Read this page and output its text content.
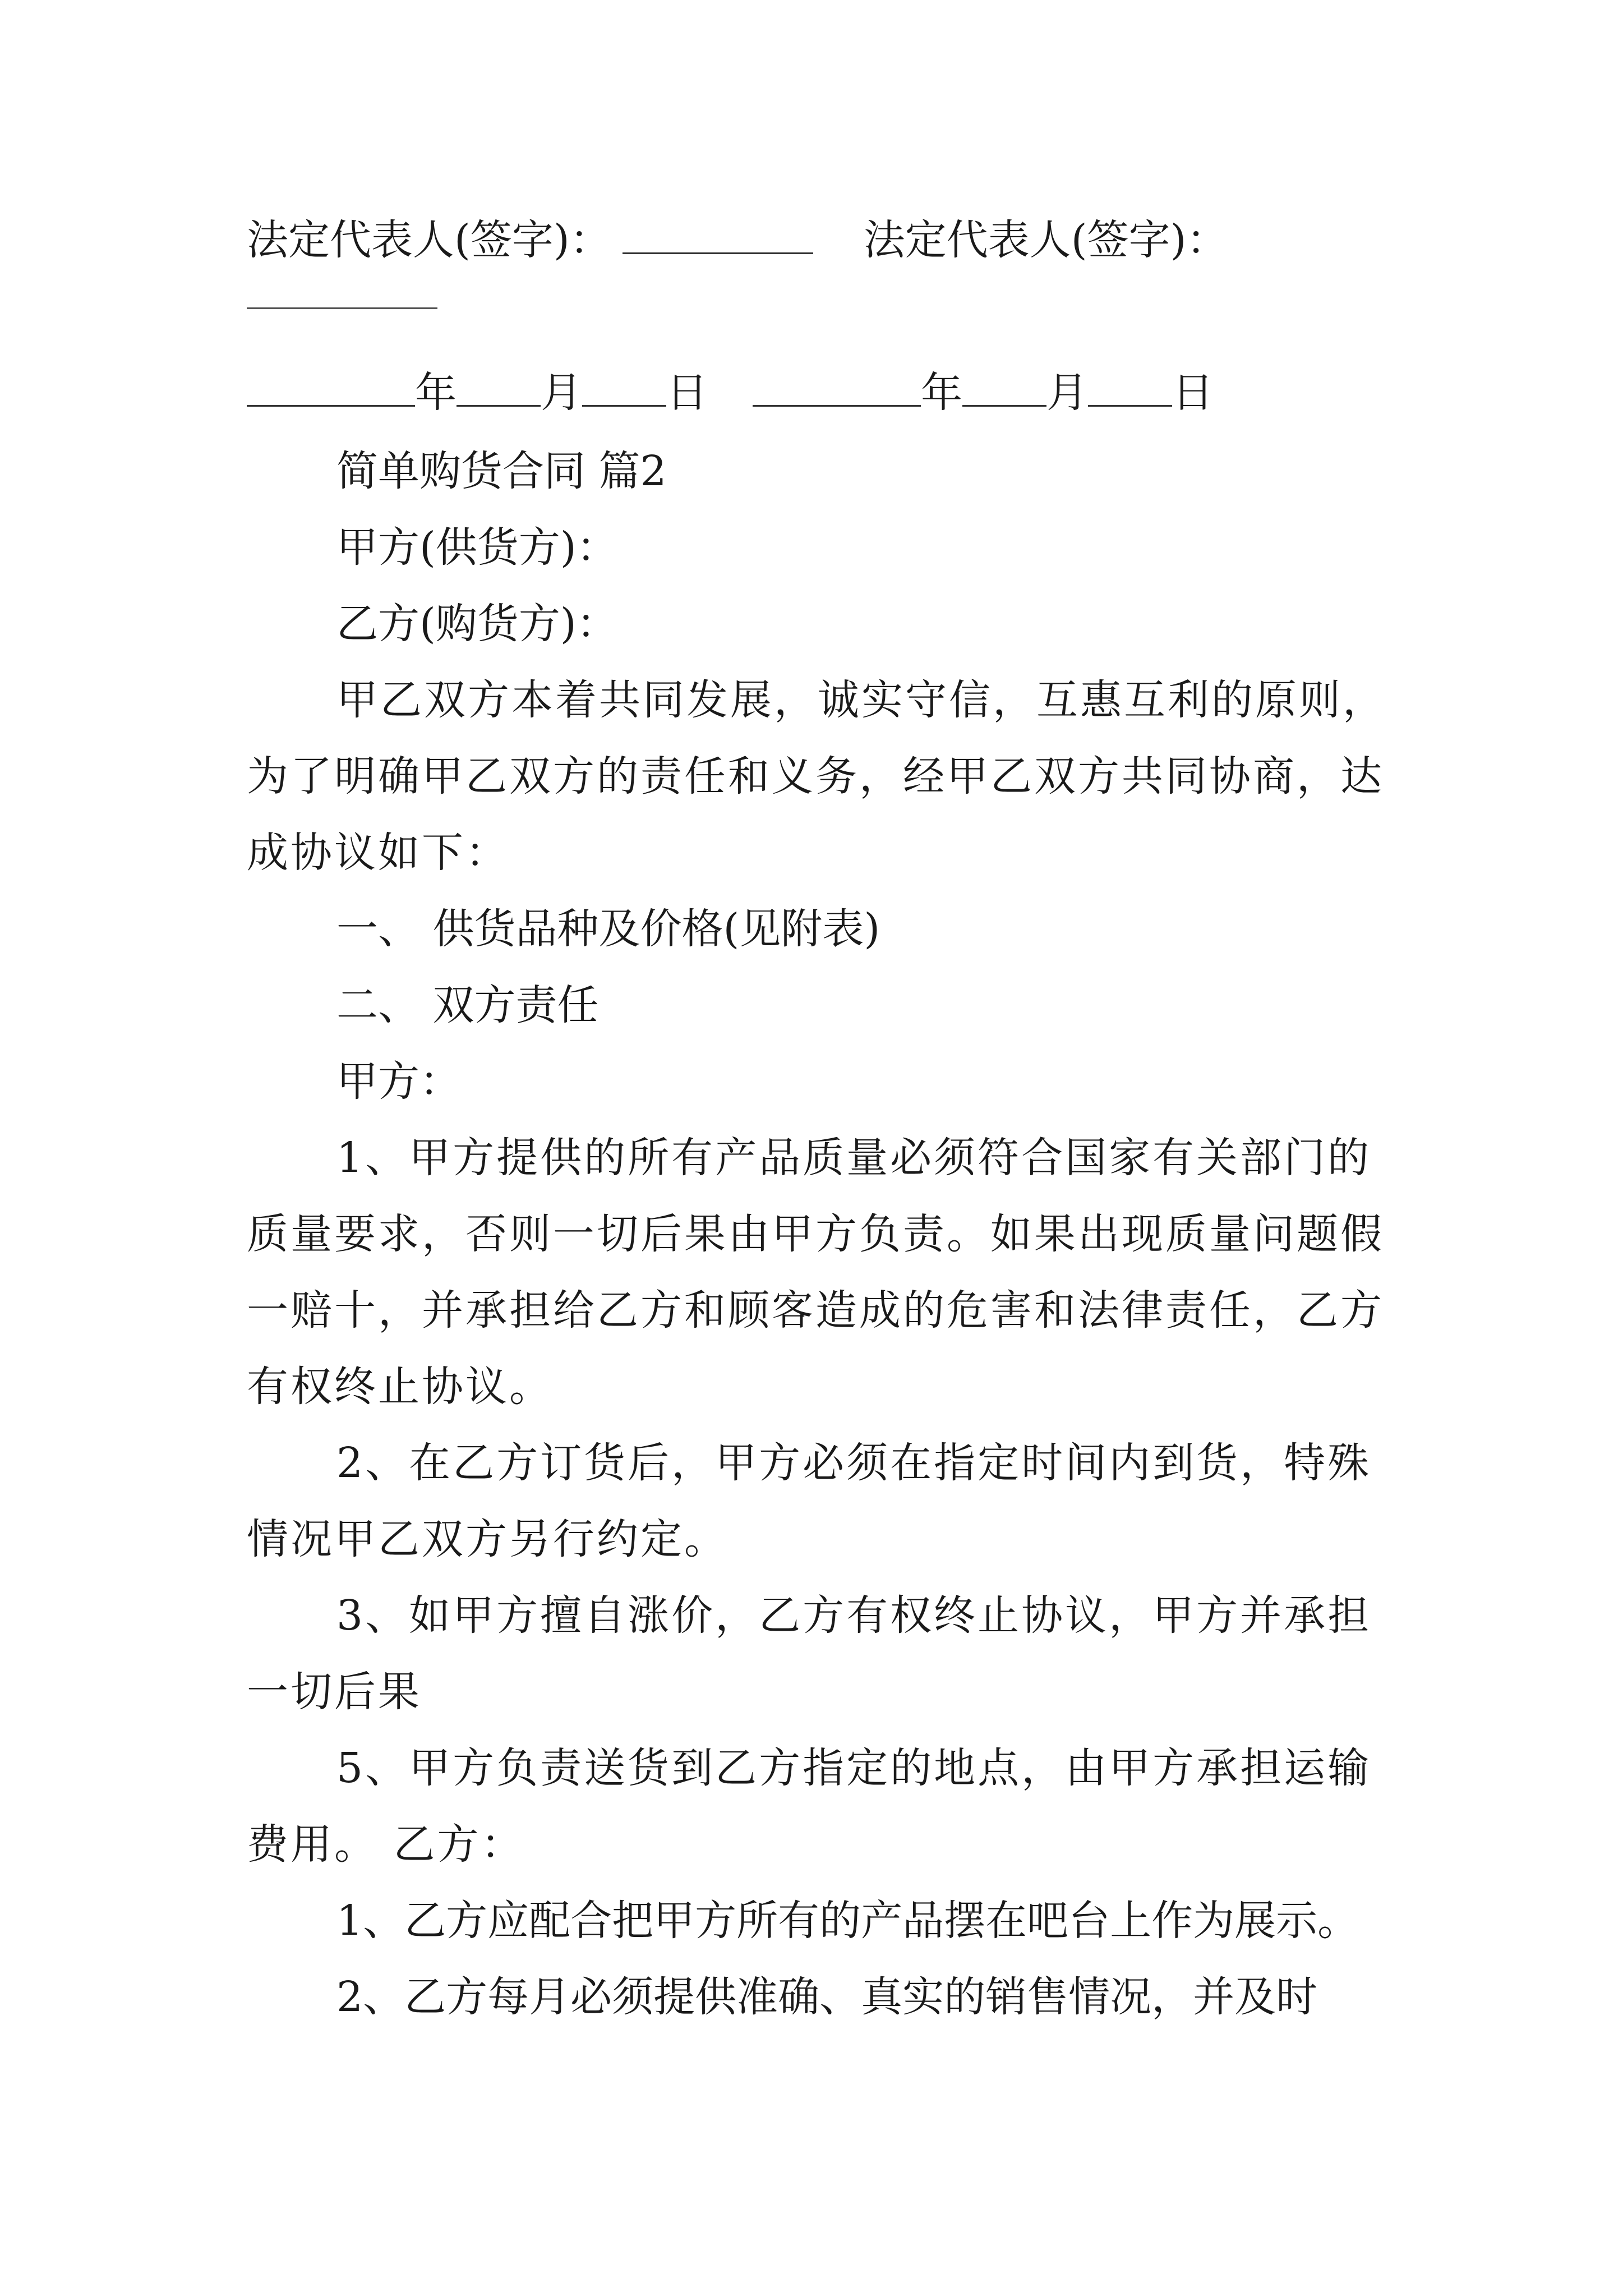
法定代表人(签字)：	法定代表人(签字)：
年 月 日	年 月 日
简单购货合同 篇2
甲方(供货方)：
乙方(购货方)：
甲乙双方本着共同发展，诚实守信，互惠互利的原则，为了明确甲乙双方的责任和义务，经甲乙双方共同协商，达成协议如下：
一、 供货品种及价格(见附表)
二、 双方责任
甲方：
1、甲方提供的所有产品质量必须符合国家有关部门的质量要求，否则一切后果由甲方负责。如果出现质量问题假一赔十，并承担给乙方和顾客造成的危害和法律责任，乙方有权终止协议。
2、在乙方订货后，甲方必须在指定时间内到货，特殊情况甲乙双方另行约定。
3、如甲方擅自涨价，乙方有权终止协议，甲方并承担一切后果
5、甲方负责送货到乙方指定的地点，由甲方承担运输费用。 乙方：
1、乙方应配合把甲方所有的产品摆在吧台上作为展示。
2、乙方每月必须提供准确、真实的销售情况，并及时
